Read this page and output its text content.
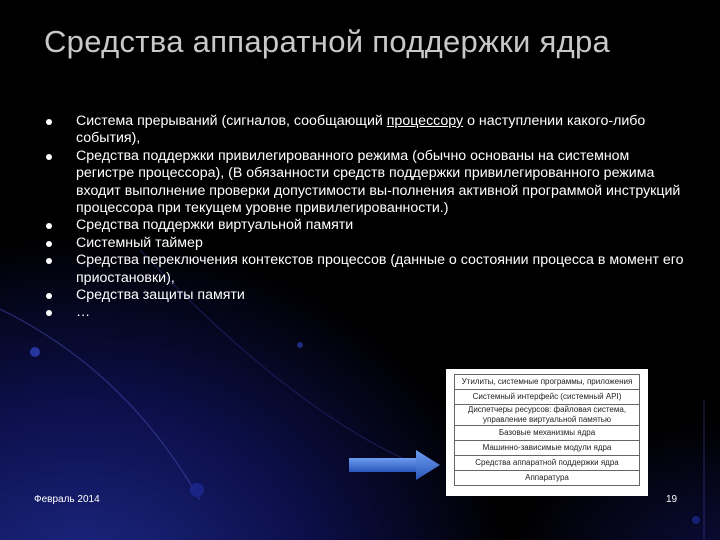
Средства аппаратной поддержки ядра
Система прерываний (сигналов, сообщающий процессору о наступлении какого-либо события),
Средства поддержки привилегированного режима (обычно основаны на системном регистре процессора), (В обязанности средств поддержки привилегированного режима входит выполнение проверки допустимости вы-полнения активной программой инструкций процессора при текущем уровне привилегированности.)
Средства поддержки виртуальной памяти
Системный таймер
Средства переключения контекстов процессов (данные о состоянии процесса в момент его приостановки),
Средства защиты памяти
…
Утилиты, системные программы, приложения
Системный интерфейс (системный API)
Диспетчеры ресурсов: файловая система, управление виртуальной памятью
Базовые механизмы ядра
Машинно-зависимые модули ядра
Средства аппаратной поддержки ядра
Аппаратура
Февраль 2014	19
